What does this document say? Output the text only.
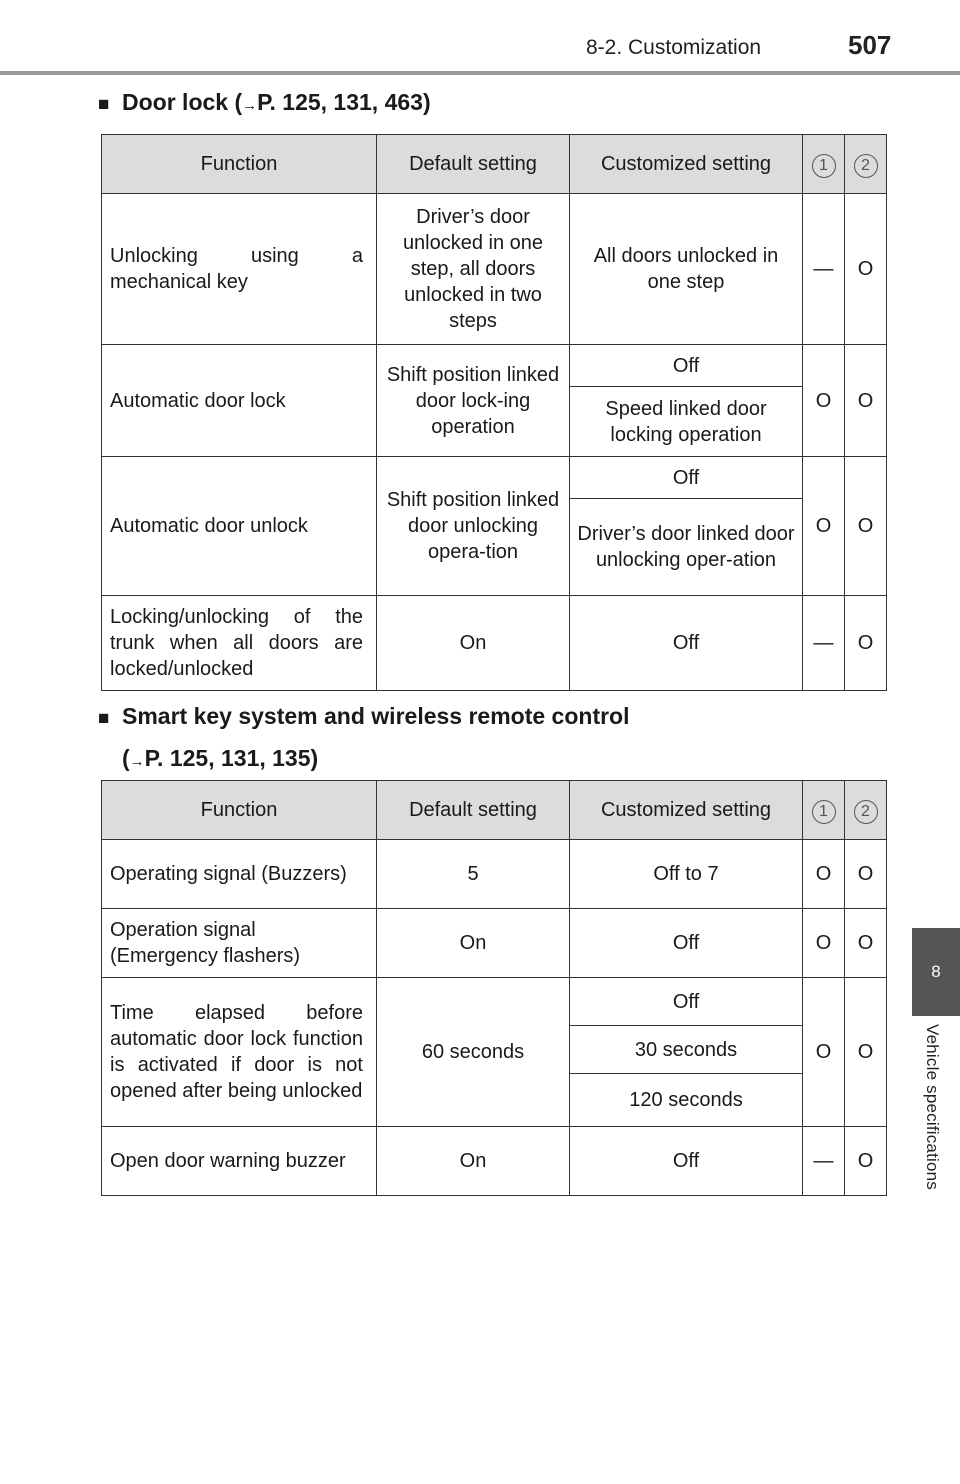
8-2. Customization	507
8
Vehicle specifications
■ Door lock (→P. 125, 131, 463)
Function	Default setting	Customized setting	1	2
Unlocking using a mechanical key	Driver’s door unlocked in one step, all doors unlocked in two steps	All doors unlocked in one step	—	O
Automatic door lock	Shift position linked door lock-ing operation	Off	O	O
		Speed linked door locking operation		
Automatic door unlock	Shift position linked door unlocking opera-tion	Off	O	O
		Driver’s door linked door unlocking oper-ation		
Locking/unlocking of the trunk when all doors are locked/unlocked	On	Off	—	O
■ Smart key system and wireless remote control
(→P. 125, 131, 135)
Function	Default setting	Customized setting	1	2
Operating signal (Buzzers)	5	Off to 7	O	O
Operation signal (Emergency flashers)	On	Off	O	O
Time elapsed before automatic door lock function is activated if door is not opened after being unlocked	60 seconds	Off	O	O
		30 seconds		
		120 seconds		
Open door warning buzzer	On	Off	—	O
